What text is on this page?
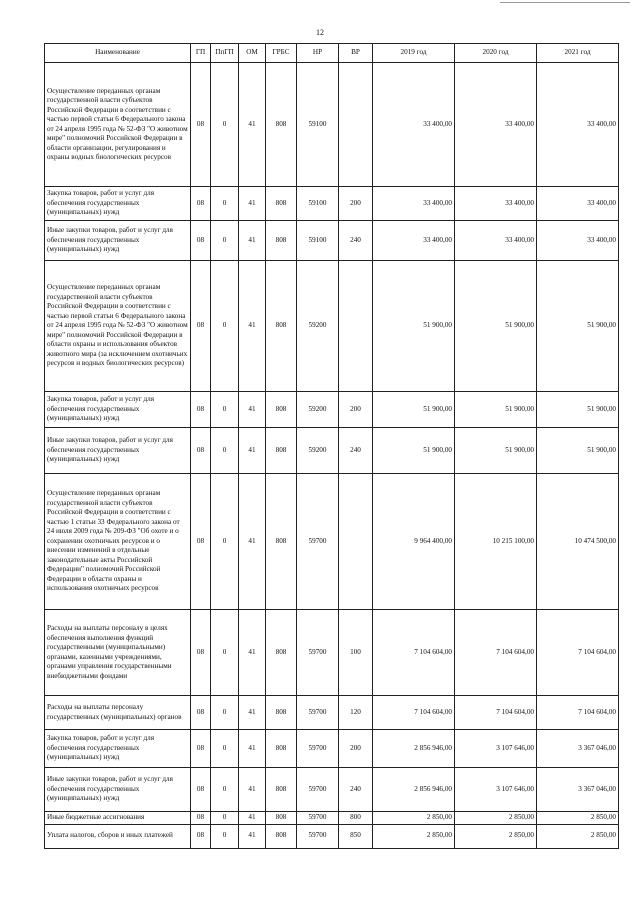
12
Наименование	ГП	ПпГП	ОМ	ГРБС	НР	ВР	2019 год	2020 год	2021 год
Осуществление переданных органам государственной власти субъектов Российской Федерации в соответствии с частью первой статьи 6 Федерального закона от 24 апреля 1995 года № 52-ФЗ "О животном мире" полномочий Российской Федерации в области организации, регулирования и охраны водных биологических ресурсов	08	0	41	808	59100		33 400,00	33 400,00	33 400,00
Закупка товаров, работ и услуг для обеспечения государственных (муниципальных) нужд	08	0	41	808	59100	200	33 400,00	33 400,00	33 400,00
Иные закупки товаров, работ и услуг для обеспечения государственных (муниципальных) нужд	08	0	41	808	59100	240	33 400,00	33 400,00	33 400,00
Осуществление переданных органам государственной власти субъектов Российской Федерации в соответствии с частью первой статьи 6 Федерального закона от 24 апреля 1995 года № 52-ФЗ "О животном мире" полномочий Российской Федерации в области охраны и использования объектов животного мира (за исключением охотничьих ресурсов и водных биологических ресурсов)	08	0	41	808	59200		51 900,00	51 900,00	51 900,00
Закупка товаров, работ и услуг для обеспечения государственных (муниципальных) нужд	08	0	41	808	59200	200	51 900,00	51 900,00	51 900,00
Иные закупки товаров, работ и услуг для обеспечения государственных (муниципальных) нужд	08	0	41	808	59200	240	51 900,00	51 900,00	51 900,00
Осуществление переданных органам государственной власти субъектов Российской Федерации в соответствии с частью 1 статьи 33 Федерального закона от 24 июля 2009 года № 209-ФЗ "Об охоте и о сохранении охотничьих ресурсов и о внесении изменений в отдельные законодательные акты Российской Федерации" полномочий Российской Федерации в области охраны и использования охотничьих ресурсов	08	0	41	808	59700		9 964 400,00	10 215 100,00	10 474 500,00
Расходы на выплаты персоналу в целях обеспечения выполнения функций государственными (муниципальными) органами, казенными учреждениями, органами управления государственными внебюджетными фондами	08	0	41	808	59700	100	7 104 604,00	7 104 604,00	7 104 604,00
Расходы на выплаты персоналу государственных (муниципальных) органов	08	0	41	808	59700	120	7 104 604,00	7 104 604,00	7 104 604,00
Закупка товаров, работ и услуг для обеспечения государственных (муниципальных) нужд	08	0	41	808	59700	200	2 856 946,00	3 107 646,00	3 367 046,00
Иные закупки товаров, работ и услуг для обеспечения государственных (муниципальных) нужд	08	0	41	808	59700	240	2 856 946,00	3 107 646,00	3 367 046,00
Иные бюджетные ассигнования	08	0	41	808	59700	800	2 850,00	2 850,00	2 850,00
Уплата налогов, сборов и иных платежей	08	0	41	808	59700	850	2 850,00	2 850,00	2 850,00
